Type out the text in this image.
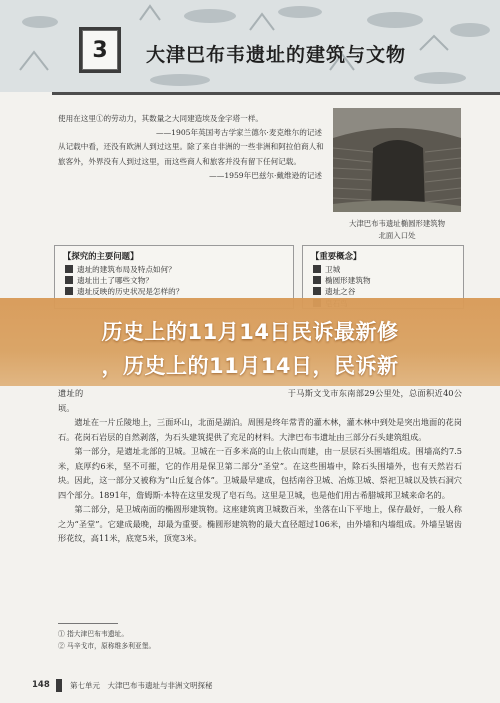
3	大津巴布韦遗址的建筑与文物

使用在这里①的劳动力，其数量之大同建造埃及金字塔一样。

——1905年英国考古学家兰德尔·麦克维尔的记述

从记载中看，还没有欧洲人到过这里。除了来自非洲的一些非洲和阿拉伯商人和旅客外，外界没有人到过这里，而这些商人和旅客并没有留下任何记载。

——1959年巴兹尔·戴维逊的记述

大津巴布韦遗址椭圆形建筑物
北面入口处
【探究的主要问题】
遗址的建筑布局及特点如何？
遗址出土了哪些文物？
遗址反映的历史状况是怎样的？
【重要概念】
卫城
椭圆形建筑物
遗址之谷
历史上的11月14日民诉最新修
，历史上的11月14日，民诉新

遗址的　　　　　　　　　　　　　　　　　　　　　　　　于马斯文戈市东南部29公里处，总面积近40公顷。

遗址在一片丘陵地上，三面环山，北面是湖泊。周围是终年常青的灌木林，灌木林中到处是突出地面的花岗石。花岗石岩层的自然剥落，为石头建筑提供了充足的材料。大津巴布韦遗址由三部分石头建筑组成。

第一部分，是遗址北部的卫城。卫城在一百多米高的山上依山而建，由一层层石头围墙组成。围墙高约7.5米，底厚约6米，坚不可摧，它的作用是保卫第二部分“圣堂”。在这些围墙中，除石头围墙外，也有天然岩石块。因此，这一部分又被称为“山丘复合体”。卫城最早建成，包括南谷卫城、冶炼卫城、祭祀卫城以及铁石洞穴四个部分。1891年，詹姆斯·本特在这里发现了皂石鸟。这里是卫城，也是他们用古希腊城邦卫城来命名的。

第二部分，是卫城南面的椭圆形建筑物。这座建筑离卫城数百米，坐落在山下平地上，保存最好，一般人称之为“圣堂”。它建成最晚，却最为重要。椭圆形建筑物的最大直径超过106米，由外墙和内墙组成。外墙呈锯齿形花纹，高11米，底宽5米，顶宽3米。

① 指大津巴布韦遗址。
② 马辛戈市，原称维多利亚堡。
148	第七单元　大津巴布韦遗址与非洲文明探秘
